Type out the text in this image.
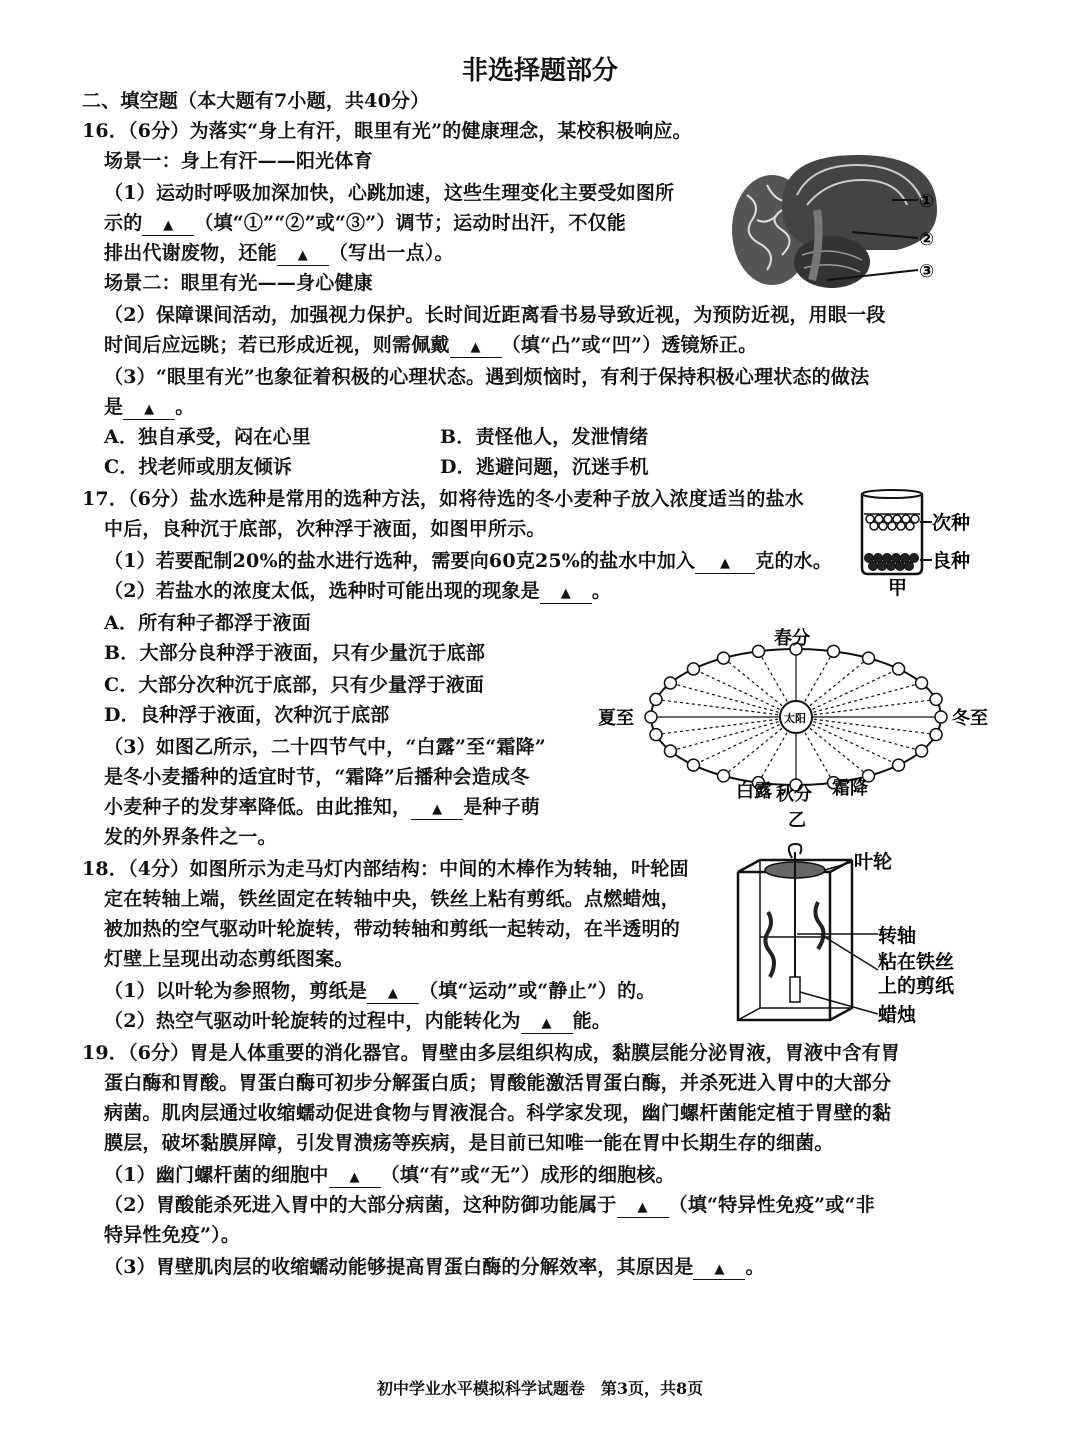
非选择题部分
二、填空题（本大题有7小题，共40分）
16．（6分）为落实“身上有汗，眼里有光”的健康理念，某校积极响应。
场景一：身上有汗——阳光体育
（1）运动时呼吸加深加快，心跳加速，这些生理变化主要受如图所
示的 ▲ （填“①”“②”或“③”）调节；运动时出汗，不仅能
排出代谢废物，还能 ▲ （写出一点）。
场景二：眼里有光——身心健康
（2）保障课间活动，加强视力保护。长时间近距离看书易导致近视，为预防近视，用眼一段
时间后应远眺；若已形成近视，则需佩戴 ▲ （填“凸”或“凹”）透镜矫正。
（3）“眼里有光”也象征着积极的心理状态。遇到烦恼时，有利于保持积极心理状态的做法
是 ▲ 。
A．独自承受，闷在心里	B．责怪他人，发泄情绪
C．找老师或朋友倾诉	D．逃避问题，沉迷手机
①
②
③
17．（6分）盐水选种是常用的选种方法，如将待选的冬小麦种子放入浓度适当的盐水
中后，良种沉于底部，次种浮于液面，如图甲所示。
（1）若要配制20%的盐水进行选种，需要向60克25%的盐水中加入 ▲ 克的水。
（2）若盐水的浓度太低，选种时可能出现的现象是 ▲ 。
A．所有种子都浮于液面
B．大部分良种浮于液面，只有少量沉于底部
C．大部分次种沉于底部，只有少量浮于液面
D．良种浮于液面，次种沉于底部
（3）如图乙所示，二十四节气中，“白露”至“霜降”
是冬小麦播种的适宜时节，“霜降”后播种会造成冬
小麦种子的发芽率降低。由此推知， ▲ 是种子萌
发的外界条件之一。
次种
良种
甲
太阳
春分
夏至	冬至
白露 秋分 霜降
乙
18．（4分）如图所示为走马灯内部结构：中间的木棒作为转轴，叶轮固
定在转轴上端，铁丝固定在转轴中央，铁丝上粘有剪纸。点燃蜡烛，
被加热的空气驱动叶轮旋转，带动转轴和剪纸一起转动，在半透明的
灯壁上呈现出动态剪纸图案。
（1）以叶轮为参照物，剪纸是 ▲ （填“运动”或“静止”）的。
（2）热空气驱动叶轮旋转的过程中，内能转化为 ▲ 能。
叶轮
转轴
粘在铁丝
上的剪纸
蜡烛
19．（6分）胃是人体重要的消化器官。胃壁由多层组织构成，黏膜层能分泌胃液，胃液中含有胃
蛋白酶和胃酸。胃蛋白酶可初步分解蛋白质；胃酸能激活胃蛋白酶，并杀死进入胃中的大部分
病菌。肌肉层通过收缩蠕动促进食物与胃液混合。科学家发现，幽门螺杆菌能定植于胃壁的黏
膜层，破坏黏膜屏障，引发胃溃疡等疾病，是目前已知唯一能在胃中长期生存的细菌。
（1）幽门螺杆菌的细胞中 ▲ （填“有”或“无”）成形的细胞核。
（2）胃酸能杀死进入胃中的大部分病菌，这种防御功能属于 ▲ （填“特异性免疫”或“非
特异性免疫”）。
（3）胃壁肌肉层的收缩蠕动能够提高胃蛋白酶的分解效率，其原因是 ▲ 。
初中学业水平模拟科学试题卷　第3页，共8页
